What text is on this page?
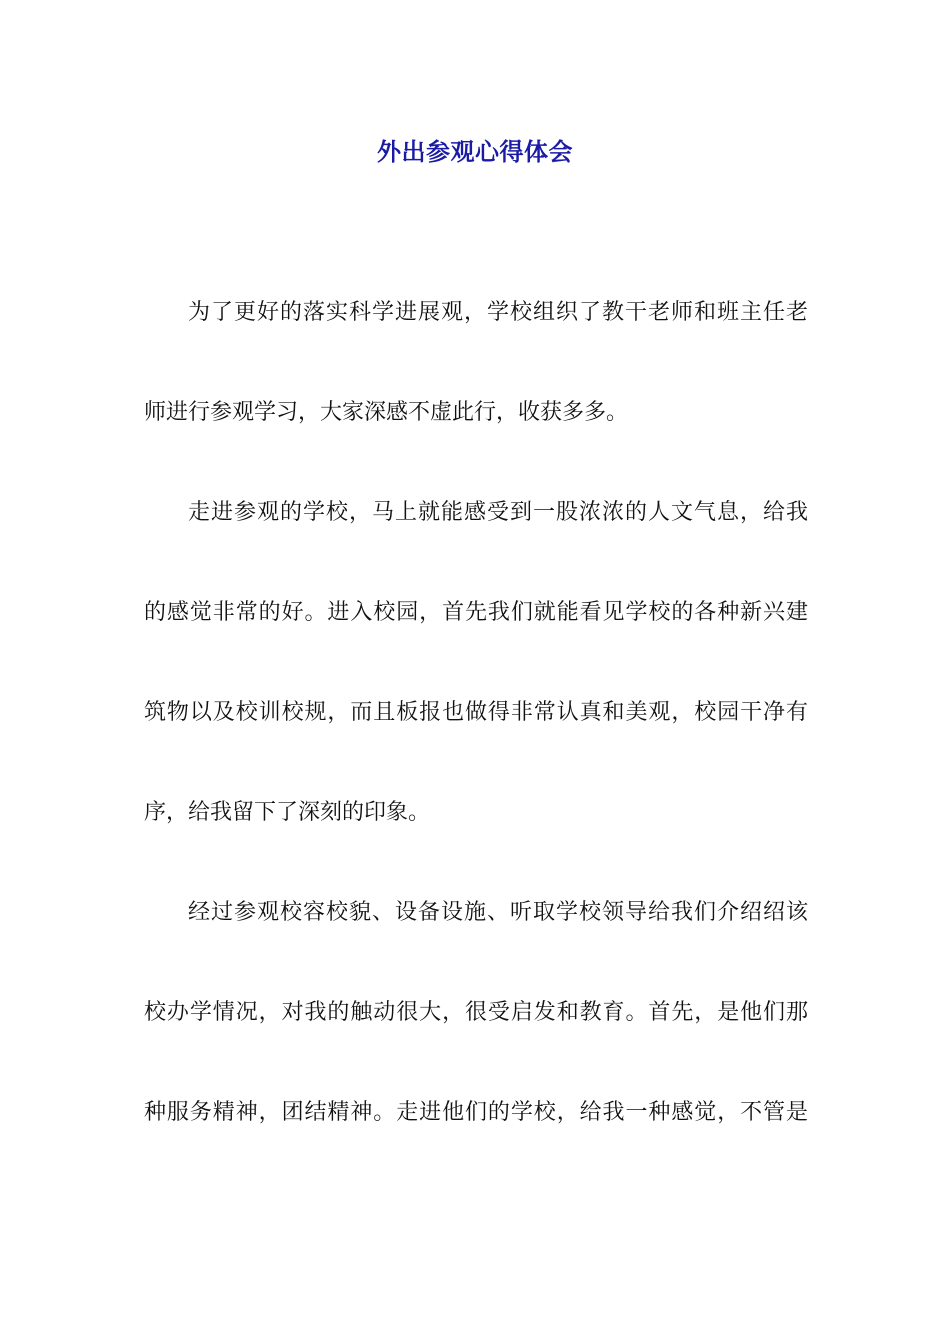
外出参观心得体会
为了更好的落实科学进展观，学校组织了教干老师和班主任老
师进行参观学习，大家深感不虚此行，收获多多。
走进参观的学校，马上就能感受到一股浓浓的人文气息，给我
的感觉非常的好。进入校园，首先我们就能看见学校的各种新兴建
筑物以及校训校规，而且板报也做得非常认真和美观，校园干净有
序，给我留下了深刻的印象。
经过参观校容校貌、设备设施、听取学校领导给我们介绍绍该
校办学情况，对我的触动很大，很受启发和教育。首先，是他们那
种服务精神，团结精神。走进他们的学校，给我一种感觉，不管是
